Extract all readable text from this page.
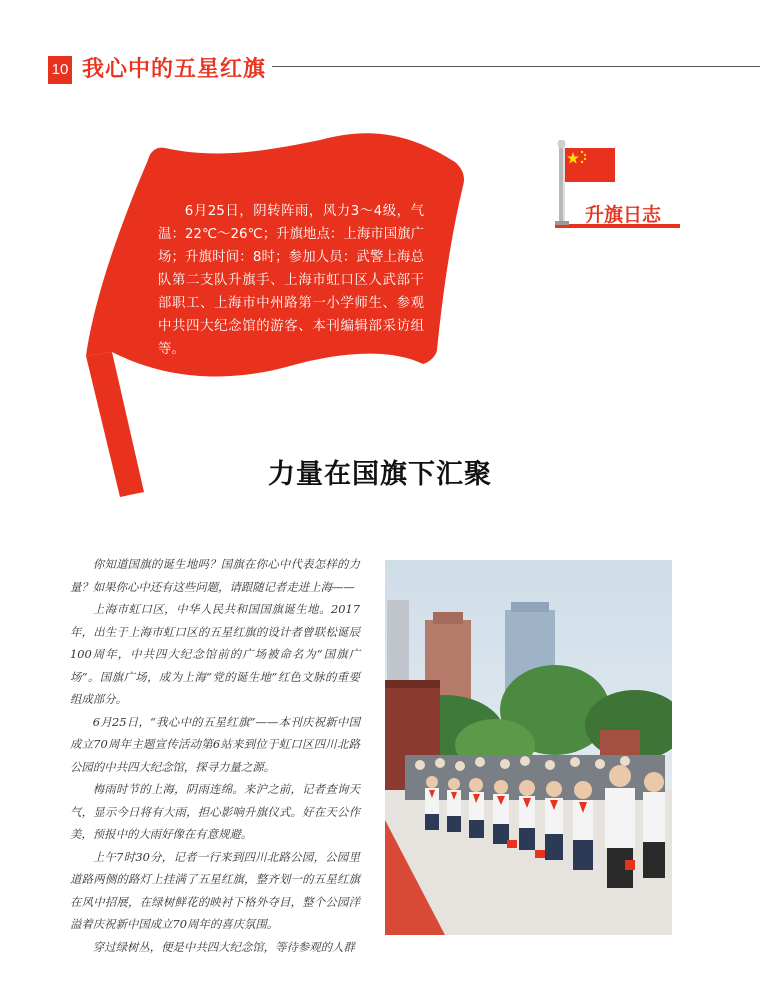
10 我心中的五星红旗
6月25日，阴转阵雨，风力3～4级，气温：22℃～26℃；升旗地点：上海市国旗广场；升旗时间：8时；参加人员：武警上海总队第二支队升旗手、上海市虹口区人武部干部职工、上海市中州路第一小学师生、参观中共四大纪念馆的游客、本刊编辑部采访组等。
升旗日志
力量在国旗下汇聚

你知道国旗的诞生地吗？国旗在你心中代表怎样的力量？如果你心中还有这些问题，请跟随记者走进上海——

上海市虹口区，中华人民共和国国旗诞生地。2017年，出生于上海市虹口区的五星红旗的设计者曾联松诞辰100周年，中共四大纪念馆前的广场被命名为“国旗广场”。国旗广场，成为上海“党的诞生地”红色文脉的重要组成部分。

6月25日，“我心中的五星红旗”——本刊庆祝新中国成立70周年主题宣传活动第6站来到位于虹口区四川北路公园的中共四大纪念馆，探寻力量之源。

梅雨时节的上海，阴雨连绵。来沪之前，记者查询天气，显示今日将有大雨，担心影响升旗仪式。好在天公作美，预报中的大雨好像在有意规避。

上午7时30分，记者一行来到四川北路公园，公园里道路两侧的路灯上挂满了五星红旗，整齐划一的五星红旗在风中招展，在绿树鲜花的映衬下格外夺目，整个公园洋溢着庆祝新中国成立70周年的喜庆氛围。

穿过绿树丛，便是中共四大纪念馆，等待参观的人群
